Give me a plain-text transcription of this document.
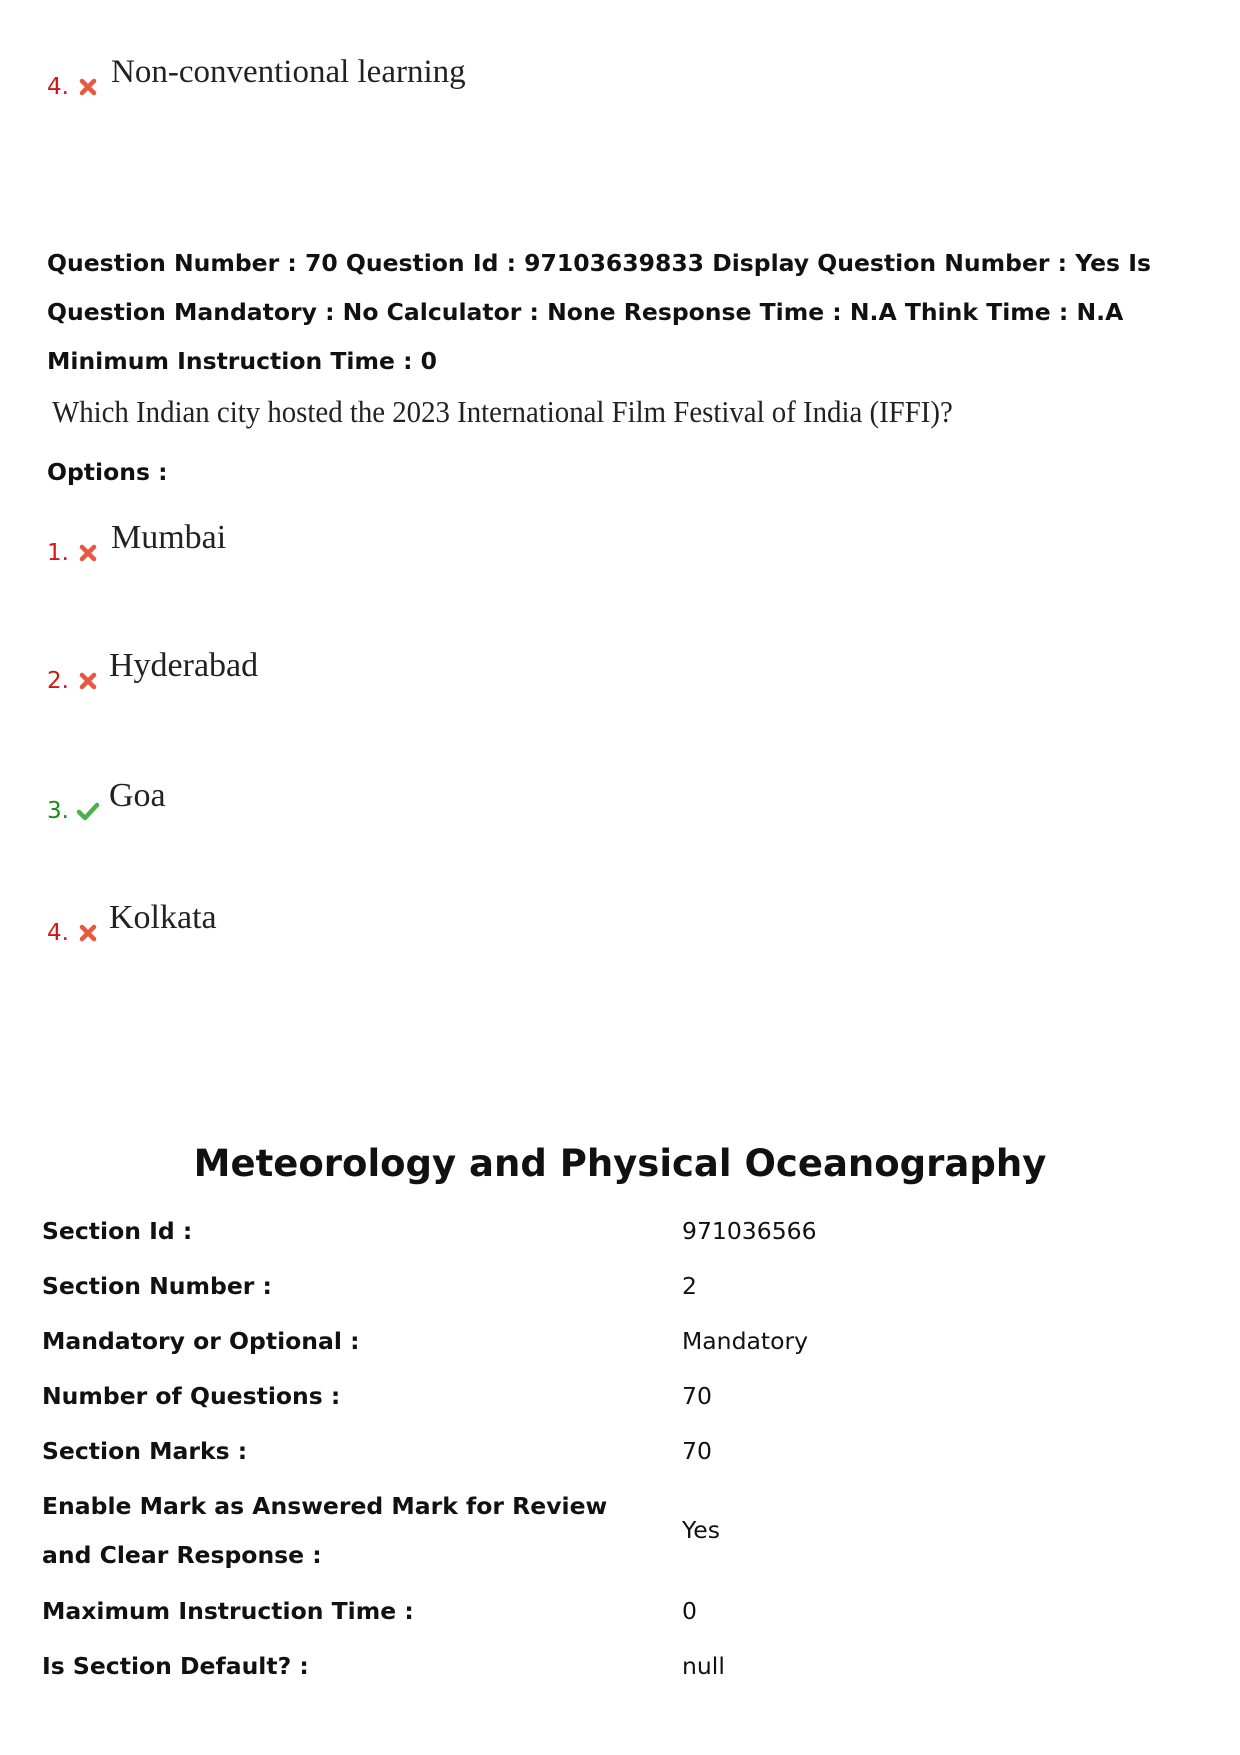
4. Non-conventional learning
Question Number : 70 Question Id : 97103639833 Display Question Number : Yes Is Question Mandatory : No Calculator : None Response Time : N.A Think Time : N.A Minimum Instruction Time : 0
Which Indian city hosted the 2023 International Film Festival of India (IFFI)?
Options :
1. Mumbai
2. Hyderabad
3. Goa
4. Kolkata
Meteorology and Physical Oceanography
Section Id :	971036566
Section Number :	2
Mandatory or Optional :	Mandatory
Number of Questions :	70
Section Marks :	70
Enable Mark as Answered Mark for Review and Clear Response :
Yes
Maximum Instruction Time :	0
Is Section Default? :	null
